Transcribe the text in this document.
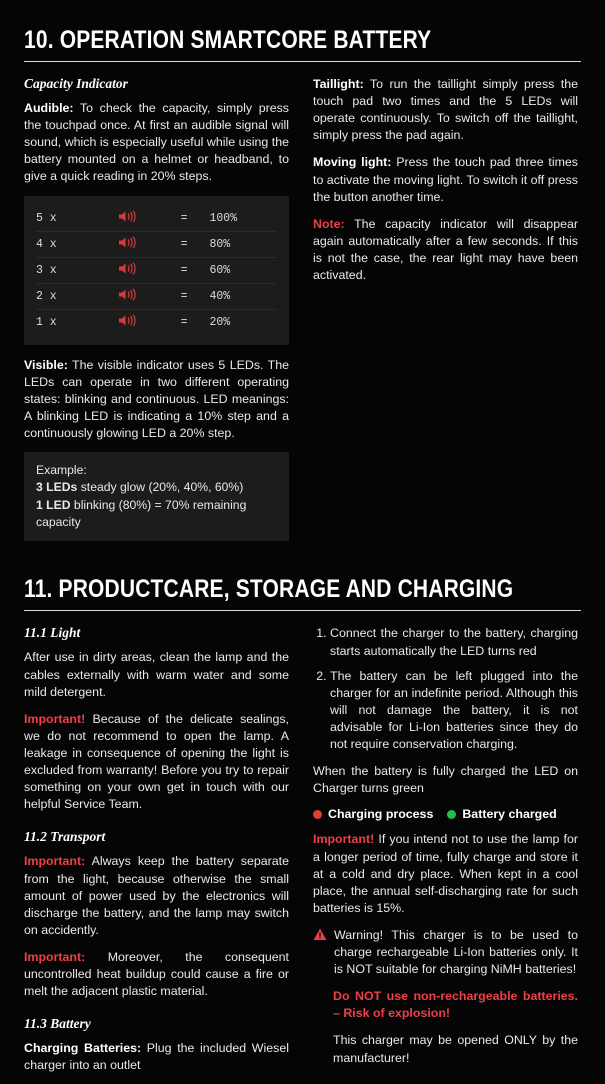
10. OPERATION SMARTCORE BATTERY
Capacity Indicator

Audible: To check the capacity, simply press the touchpad once. At first an audible signal will sound, which is especially useful while using the battery mounted on a helmet or headband, to give a quick reading in 20% steps.

5 x		=	100%
4 x		=	80%
3 x		=	60%
2 x		=	40%
1 x		=	20%

Visible: The visible indicator uses 5 LEDs. The LEDs can operate in two different operating states: blinking and continuous. LED meanings: A blinking LED is indicating a 10% step and a continuously glowing LED a 20% step.

Example:
3 LEDs steady glow (20%, 40%, 60%)
1 LED blinking (80%) = 70% remaining capacity

Taillight: To run the taillight simply press the touch pad two times and the 5 LEDs will operate continuously. To switch off the taillight, simply press the pad again.

Moving light: Press the touch pad three times to activate the moving light. To switch it off press the button another time.

Note: The capacity indicator will disappear again automatically after a few seconds. If this is not the case, the rear light may have been activated.

11. PRODUCTCARE, STORAGE AND CHARGING
11.1 Light

After use in dirty areas, clean the lamp and the cables externally with warm water and some mild detergent.

Important! Because of the delicate sealings, we do not recommend to open the lamp. A leakage in consequence of opening the light is excluded from warranty! Before you try to repair something on your own get in touch with our helpful Service Team.

11.2 Transport

Important: Always keep the battery separate from the light, because otherwise the small amount of power used by the electronics will discharge the battery, and the lamp may switch on accidently.

Important: Moreover, the consequent uncontrolled heat buildup could cause a fire or melt the adjacent plastic material.

11.3 Battery

Charging Batteries: Plug the included Wiesel charger into an outlet

1. Connect the charger to the battery, charging starts automatically the LED turns red
2. The battery can be left plugged into the charger for an indefinite period. Although this will not damage the battery, it is not advisable for Li-Ion batteries since they do not require conservation charging.

When the battery is fully charged the LED on Charger turns green

Charging process Battery charged

Important! If you intend not to use the lamp for a longer period of time, fully charge and store it at a cold and dry place. When kept in a cool place, the annual self-discharging rate for such batteries is 15%.

Warning! This charger is to be used to charge rechargeable Li-Ion batteries only. It is NOT suitable for charging NiMH batteries!

Do NOT use non-rechargeable batteries. – Risk of explosion!

This charger may be opened ONLY by the manufacturer!
